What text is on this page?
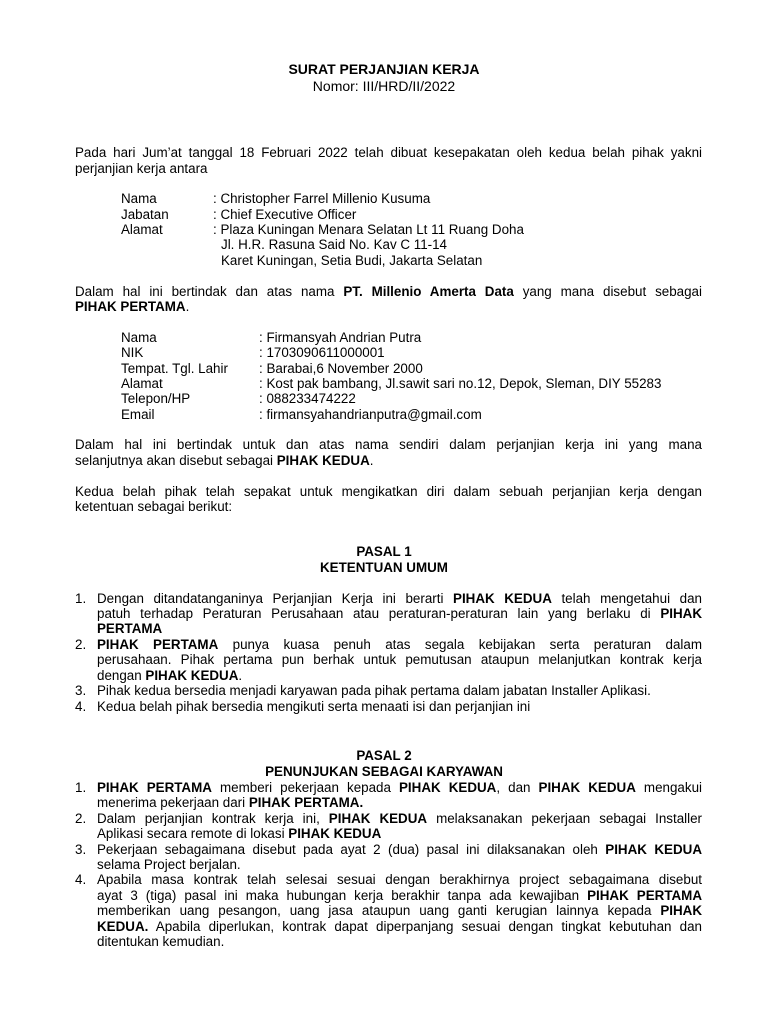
SURAT PERJANJIAN KERJA
Nomor: III/HRD/II/2022
Pada hari Jum’at tanggal 18 Februari 2022 telah dibuat kesepakatan oleh kedua belah pihak yakni
perjanjian kerja antara
Nama	: Christopher Farrel Millenio Kusuma
Jabatan	: Chief Executive Officer
Alamat	: Plaza Kuningan Menara Selatan Lt 11 Ruang Doha
Jl. H.R. Rasuna Said No. Kav C 11-14
Karet Kuningan, Setia Budi, Jakarta Selatan
Dalam hal ini bertindak dan atas nama PT. Millenio Amerta Data yang mana disebut sebagai
PIHAK PERTAMA.
Nama	: Firmansyah Andrian Putra
NIK	: 1703090611000001
Tempat. Tgl. Lahir : Barabai,6 November 2000
Alamat	: Kost pak bambang, Jl.sawit sari no.12, Depok, Sleman, DIY 55283
Telepon/HP	: 088233474222
Email	: firmansyahandrianputra@gmail.com
Dalam hal ini bertindak untuk dan atas nama sendiri dalam perjanjian kerja ini yang mana
selanjutnya akan disebut sebagai PIHAK KEDUA.
Kedua belah pihak telah sepakat untuk mengikatkan diri dalam sebuah perjanjian kerja dengan
ketentuan sebagai berikut:
PASAL 1
KETENTUAN UMUM
1. Dengan ditandatanganinya Perjanjian Kerja ini berarti PIHAK KEDUA telah mengetahui dan
patuh terhadap Peraturan Perusahaan atau peraturan-peraturan lain yang berlaku di PIHAK
PERTAMA
2. PIHAK PERTAMA punya kuasa penuh atas segala kebijakan serta peraturan dalam
perusahaan. Pihak pertama pun berhak untuk pemutusan ataupun melanjutkan kontrak kerja
dengan PIHAK KEDUA.
3. Pihak kedua bersedia menjadi karyawan pada pihak pertama dalam jabatan Installer Aplikasi.
4. Kedua belah pihak bersedia mengikuti serta menaati isi dan perjanjian ini
PASAL 2
PENUNJUKAN SEBAGAI KARYAWAN
1. PIHAK PERTAMA memberi pekerjaan kepada PIHAK KEDUA, dan PIHAK KEDUA mengakui
menerima pekerjaan dari PIHAK PERTAMA.
2. Dalam perjanjian kontrak kerja ini, PIHAK KEDUA melaksanakan pekerjaan sebagai Installer
Aplikasi secara remote di lokasi PIHAK KEDUA
3. Pekerjaan sebagaimana disebut pada ayat 2 (dua) pasal ini dilaksanakan oleh PIHAK KEDUA
selama Project berjalan.
4. Apabila masa kontrak telah selesai sesuai dengan berakhirnya project sebagaimana disebut
ayat 3 (tiga) pasal ini maka hubungan kerja berakhir tanpa ada kewajiban PIHAK PERTAMA
memberikan uang pesangon, uang jasa ataupun uang ganti kerugian lainnya kepada PIHAK
KEDUA. Apabila diperlukan, kontrak dapat diperpanjang sesuai dengan tingkat kebutuhan dan
ditentukan kemudian.
